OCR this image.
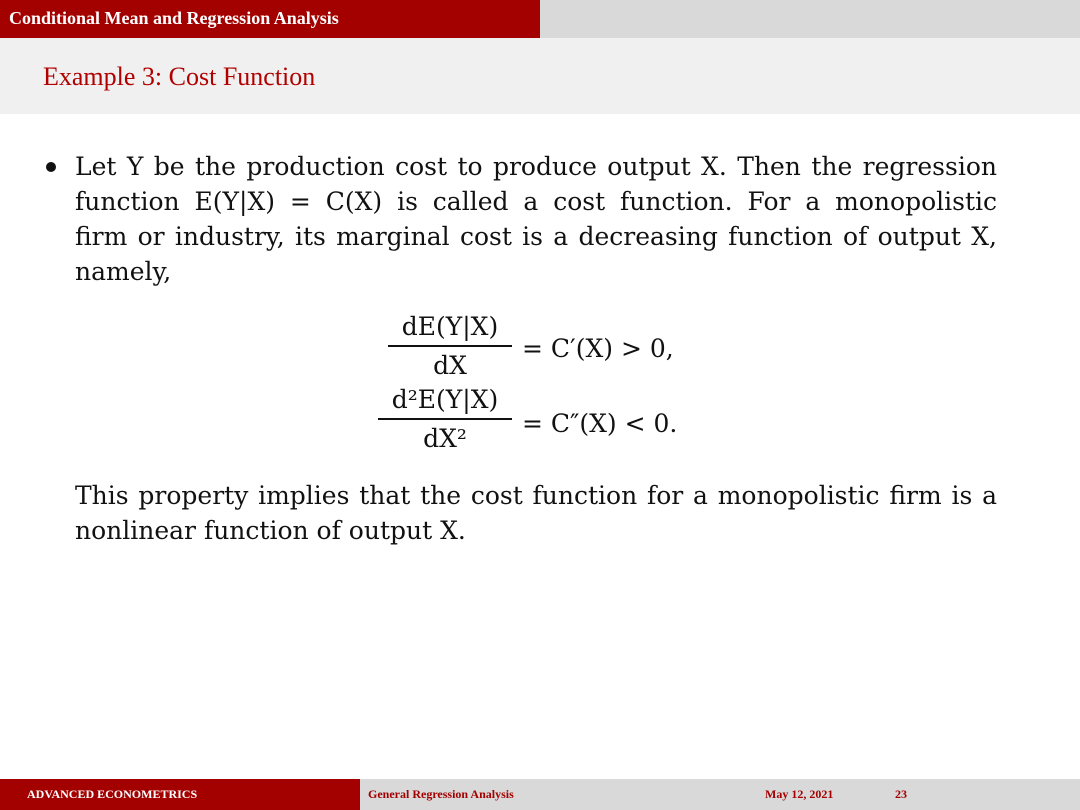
Conditional Mean and Regression Analysis
Example 3: Cost Function
Let Y be the production cost to produce output X. Then the regression
function E(Y|X) = C(X) is called a cost function. For a monopolistic
firm or industry, its marginal cost is a decreasing function of output X,
namely,
dE(Y|X)
dX
= C′(X) > 0,
d²E(Y|X)
dX²	= C″(X) < 0.
This property implies that the cost function for a monopolistic firm is a
nonlinear function of output X.
ADVANCED ECONOMETRICS	General Regression Analysis	May 12, 2021	23
